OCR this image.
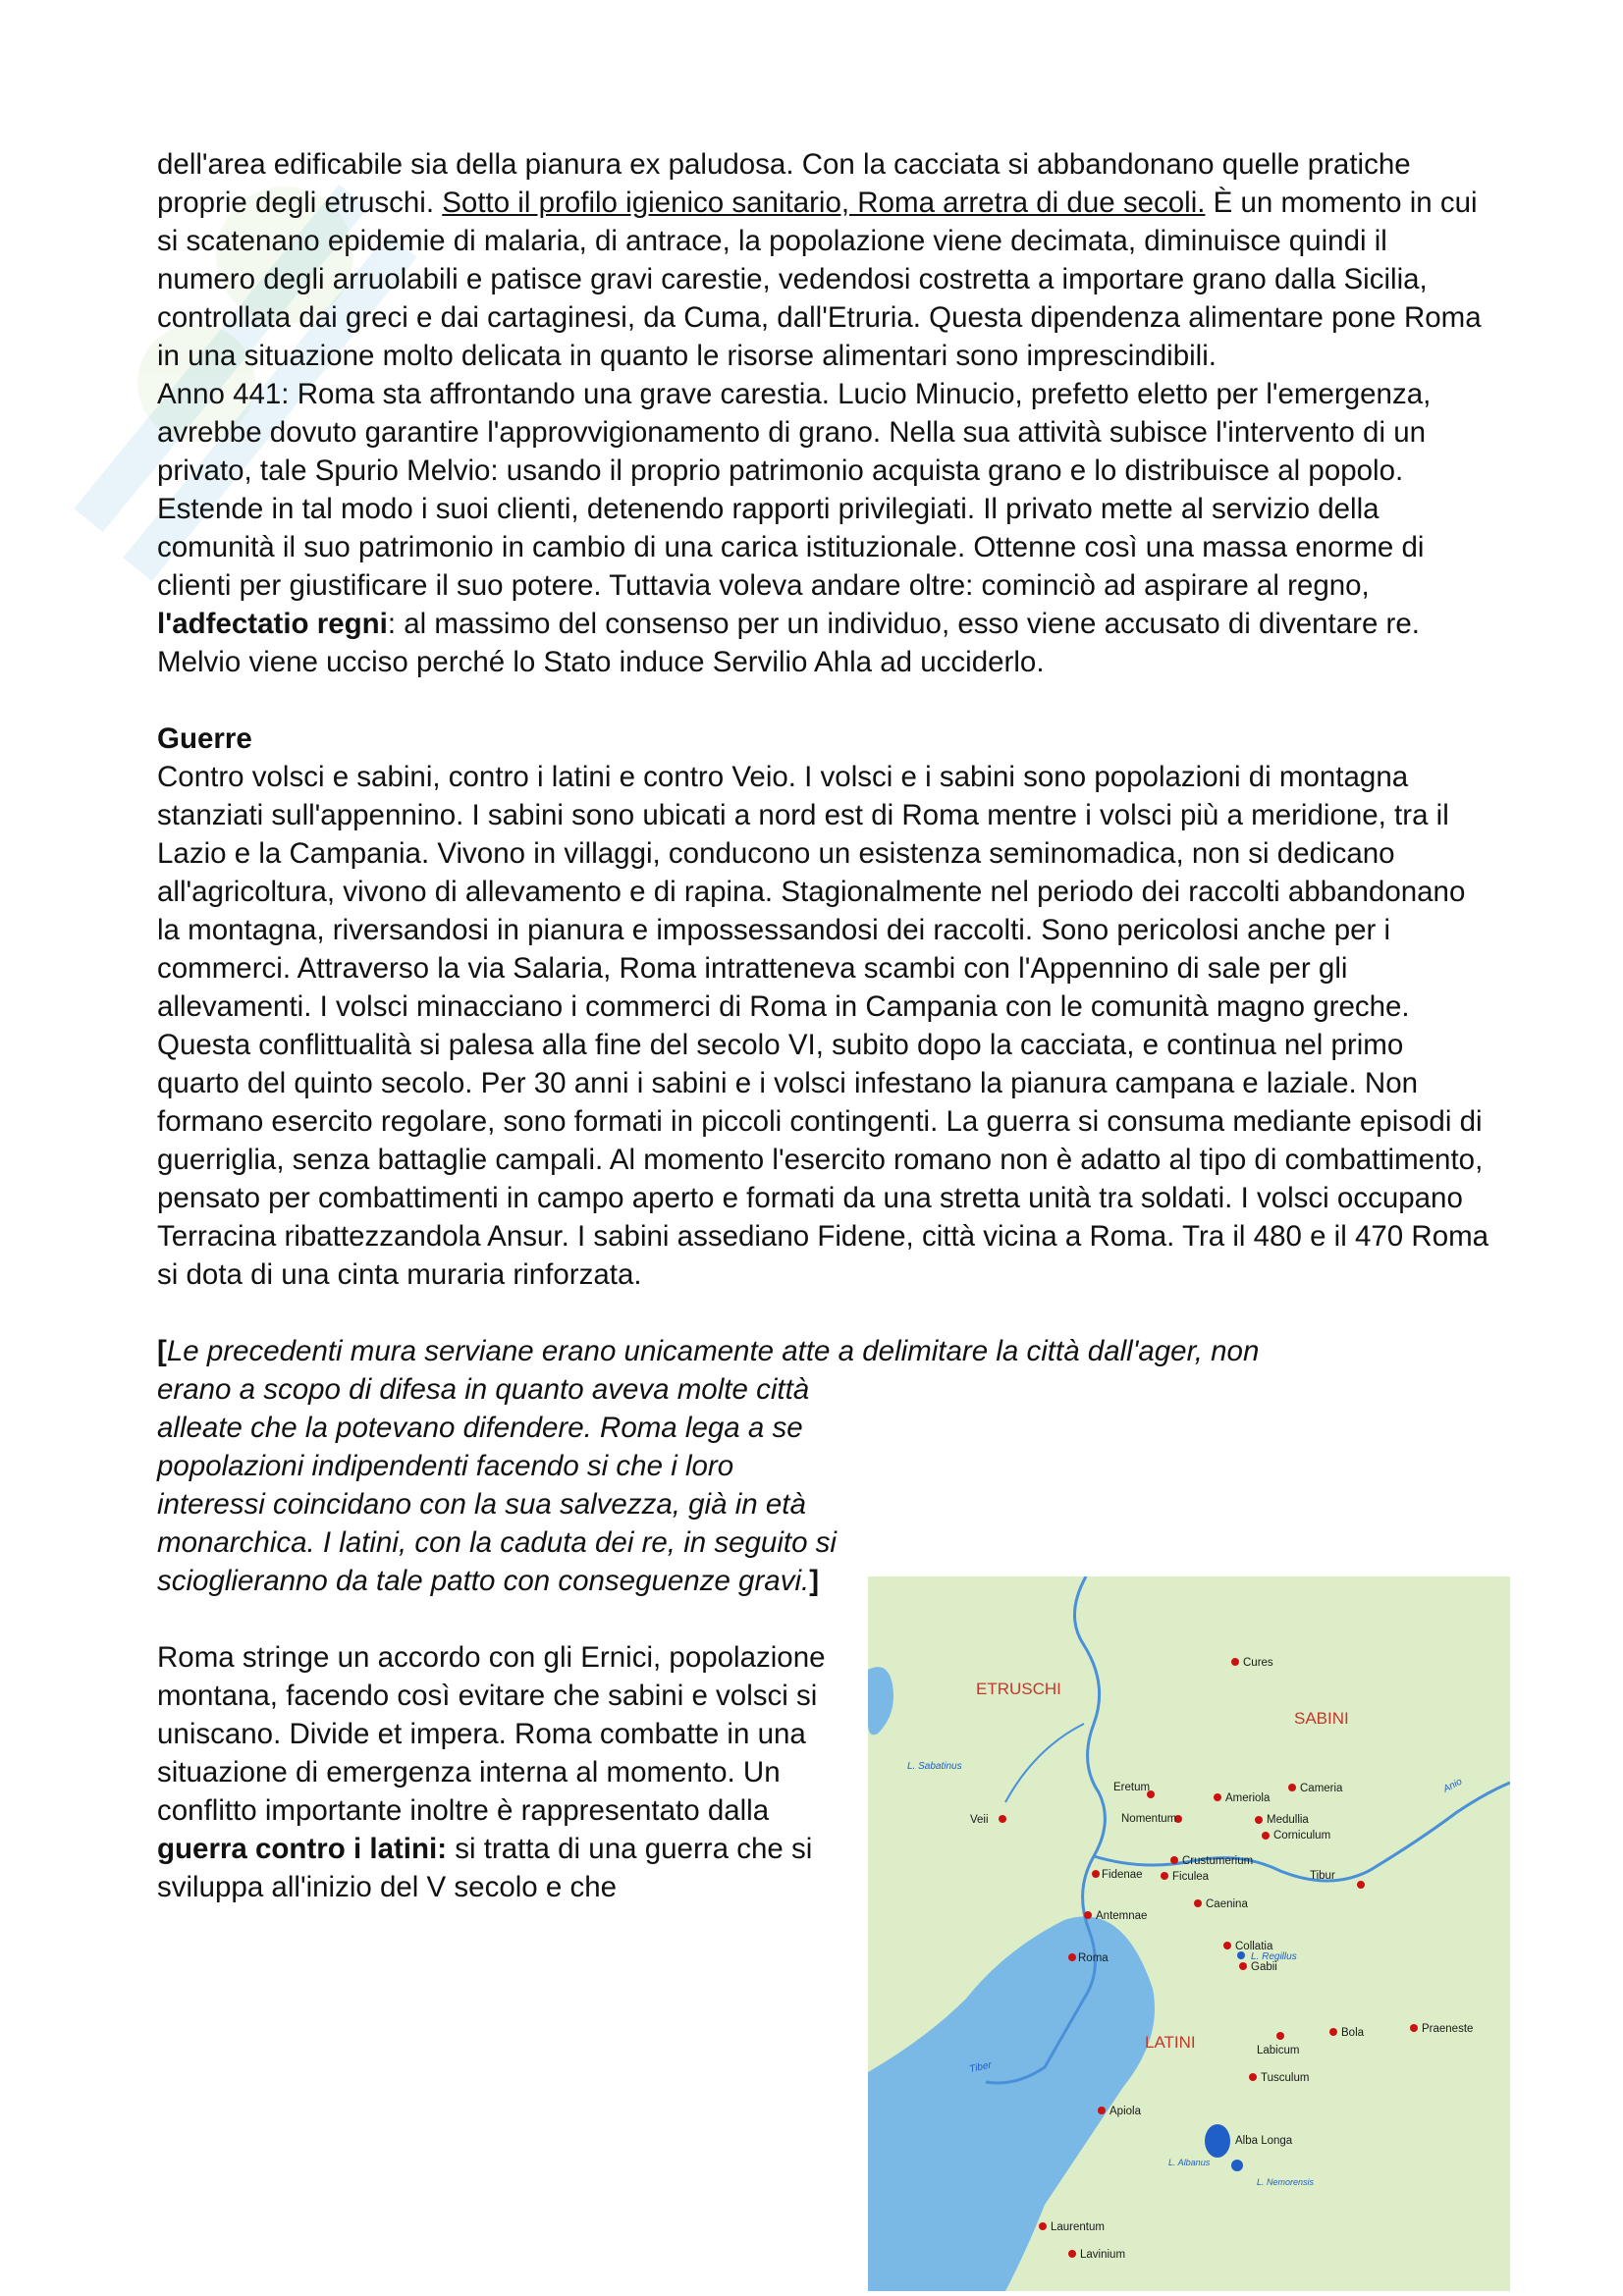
dell'area edificabile sia della pianura ex paludosa. Con la cacciata si abbandonano quelle pratiche proprie degli etruschi. Sotto il profilo igienico sanitario, Roma arretra di due secoli. È un momento in cui si scatenano epidemie di malaria, di antrace, la popolazione viene decimata, diminuisce quindi il numero degli arruolabili e patisce gravi carestie, vedendosi costretta a importare grano dalla Sicilia, controllata dai greci e dai cartaginesi, da Cuma, dall'Etruria. Questa dipendenza alimentare pone Roma in una situazione molto delicata in quanto le risorse alimentari sono imprescindibili.

Anno 441: Roma sta affrontando una grave carestia. Lucio Minucio, prefetto eletto per l'emergenza, avrebbe dovuto garantire l'approvvigionamento di grano. Nella sua attività subisce l'intervento di un privato, tale Spurio Melvio: usando il proprio patrimonio acquista grano e lo distribuisce al popolo. Estende in tal modo i suoi clienti, detenendo rapporti privilegiati. Il privato mette al servizio della comunità il suo patrimonio in cambio di una carica istituzionale. Ottenne così una massa enorme di clienti per giustificare il suo potere. Tuttavia voleva andare oltre: cominciò ad aspirare al regno, l'adfectatio regni: al massimo del consenso per un individuo, esso viene accusato di diventare re. Melvio viene ucciso perché lo Stato induce Servilio Ahla ad ucciderlo.

Guerre

Contro volsci e sabini, contro i latini e contro Veio. I volsci e i sabini sono popolazioni di montagna stanziati sull'appennino. I sabini sono ubicati a nord est di Roma mentre i volsci più a meridione, tra il Lazio e la Campania. Vivono in villaggi, conducono un esistenza seminomadica, non si dedicano all'agricoltura, vivono di allevamento e di rapina. Stagionalmente nel periodo dei raccolti abbandonano la montagna, riversandosi in pianura e impossessandosi dei raccolti. Sono pericolosi anche per i commerci. Attraverso la via Salaria, Roma intratteneva scambi con l'Appennino di sale per gli allevamenti. I volsci minacciano i commerci di Roma in Campania con le comunità magno greche. Questa conflittualità si palesa alla fine del secolo VI, subito dopo la cacciata, e continua nel primo quarto del quinto secolo. Per 30 anni i sabini e i volsci infestano la pianura campana e laziale. Non formano esercito regolare, sono formati in piccoli contingenti. La guerra si consuma mediante episodi di guerriglia, senza battaglie campali. Al momento l'esercito romano non è adatto al tipo di combattimento, pensato per combattimenti in campo aperto e formati da una stretta unità tra soldati. I volsci occupano Terracina ribattezzandola Ansur. I sabini assediano Fidene, città vicina a Roma. Tra il 480 e il 470 Roma si dota di una cinta muraria rinforzata.

[Le precedenti mura serviane erano unicamente atte a delimitare la città dall'ager, non

erano a scopo di difesa in quanto aveva molte città alleate che la potevano difendere. Roma lega a se popolazioni indipendenti facendo si che i loro interessi coincidano con la sua salvezza, già in età monarchica. I latini, con la caduta dei re, in seguito si scioglieranno da tale patto con conseguenze gravi.]

Roma stringe un accordo con gli Ernici, popolazione montana, facendo così evitare che sabini e volsci si uniscano. Divide et impera. Roma combatte in una situazione di emergenza interna al momento. Un conflitto importante inoltre è rappresentato dalla guerra contro i latini: si tratta di una guerra che si sviluppa all'inizio del V secolo e che

ETRUSCHI
SABINI
LATINI
L. Sabatinus
Anio
Tiber
L. Regillus
L. Albanus
L. Nemorensis
Cures
Eretum
Ameriola
Cameria
Nomentum	Medullia
Corniculum
Veii
Crustumerium
Fidenae	Ficulea	Tibur
Caenina
Antemnae
Roma
Collatia
Gabii
Labicum
Bola	Praeneste
Tusculum
Apiola
Alba Longa
Laurentum
Lavinium
